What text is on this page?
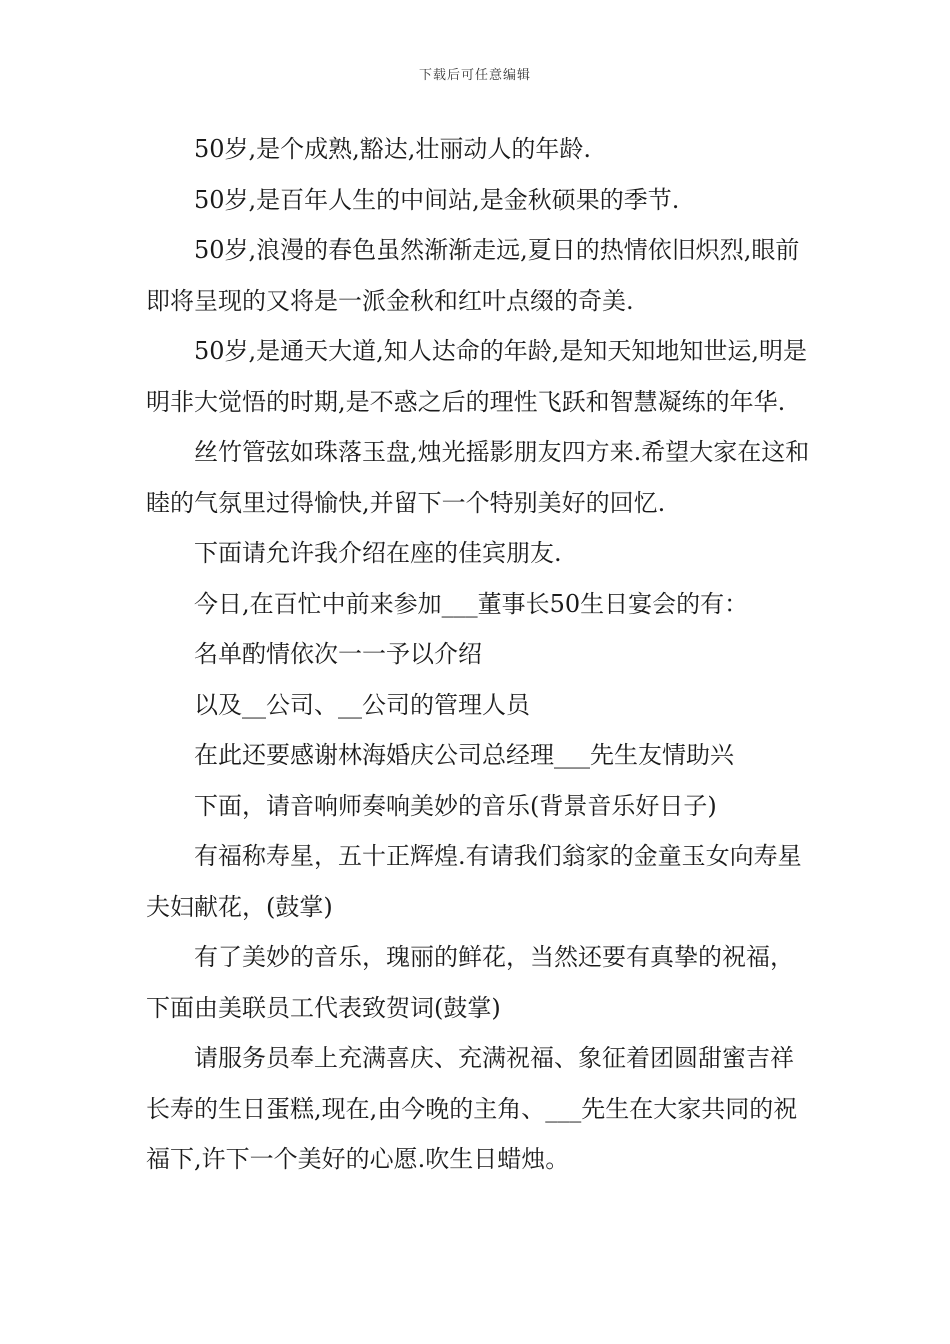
下载后可任意编辑

50岁,是个成熟,豁达,壮丽动人的年龄.

50岁,是百年人生的中间站,是金秋硕果的季节.

50岁,浪漫的春色虽然渐渐走远,夏日的热情依旧炽烈,眼前即将呈现的又将是一派金秋和红叶点缀的奇美.

50岁,是通天大道,知人达命的年龄,是知天知地知世运,明是明非大觉悟的时期,是不惑之后的理性飞跃和智慧凝练的年华.

丝竹管弦如珠落玉盘,烛光摇影朋友四方来.希望大家在这和睦的气氛里过得愉快,并留下一个特别美好的回忆.

下面请允许我介绍在座的佳宾朋友.

今日,在百忙中前来参加___董事长50生日宴会的有：

名单酌情依次一一予以介绍

以及__公司、__公司的管理人员

在此还要感谢林海婚庆公司总经理___先生友情助兴

下面，请音响师奏响美妙的音乐(背景音乐好日子)

有福称寿星，五十正辉煌.有请我们翁家的金童玉女向寿星夫妇献花，(鼓掌)

有了美妙的音乐，瑰丽的鲜花，当然还要有真挚的祝福，下面由美联员工代表致贺词(鼓掌)

请服务员奉上充满喜庆、充满祝福、象征着团圆甜蜜吉祥长寿的生日蛋糕,现在,由今晚的主角、___先生在大家共同的祝福下,许下一个美好的心愿.吹生日蜡烛。
